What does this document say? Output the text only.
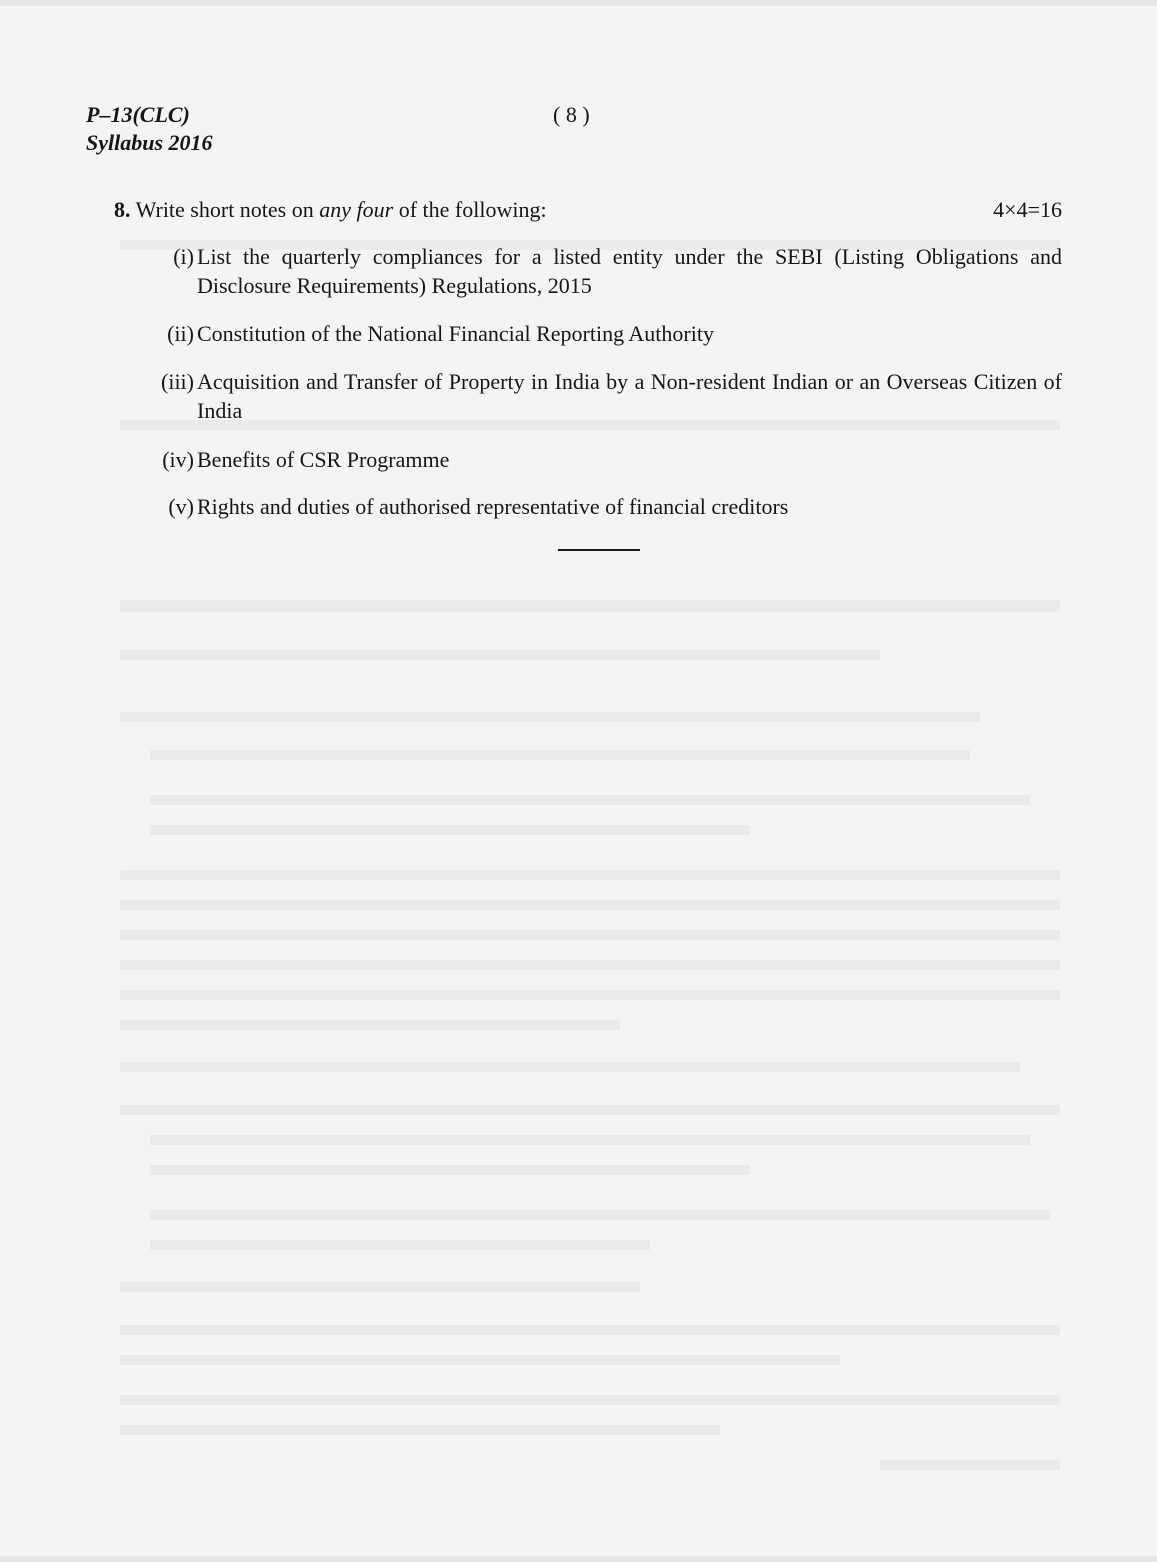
P–13(CLC)
Syllabus 2016
( 8 )
8. Write short notes on any four of the following:	4×4=16
(i) List the quarterly compliances for a listed entity under the SEBI (Listing Obligations and Disclosure Requirements) Regulations, 2015
(ii) Constitution of the National Financial Reporting Authority
(iii) Acquisition and Transfer of Property in India by a Non-resident Indian or an Overseas Citizen of India
(iv) Benefits of CSR Programme
(v) Rights and duties of authorised representative of financial creditors
